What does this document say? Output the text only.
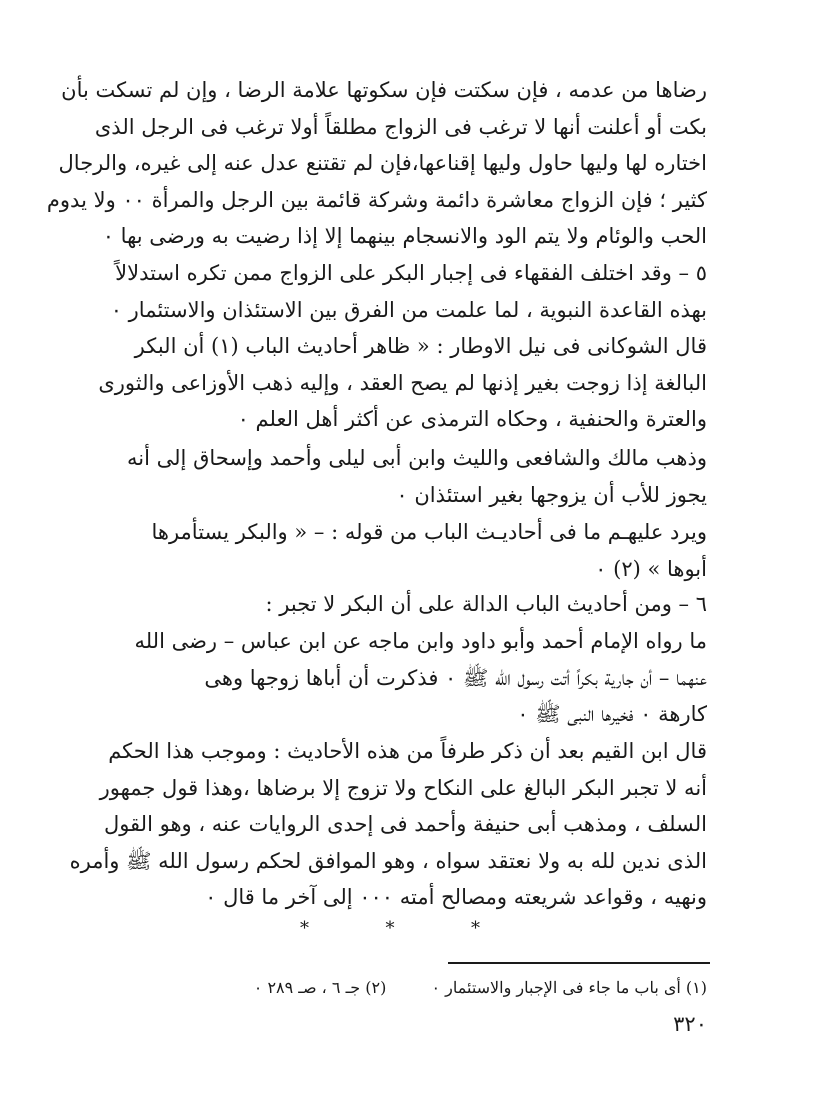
رضاها من عدمه ، فإن سكتت فإن سكوتها علامة الرضا ، وإن لم تسكت بأن
بكت أو أعلنت أنها لا ترغب فى الزواج مطلقاً أولا ترغب فى الرجل الذى
اختاره لها وليها حاول وليها إقناعها،فإن لم تقتنع عدل عنه إلى غيره، والرجال
كثير ؛ فإن الزواج معاشرة دائمة وشركة قائمة بين الرجل والمرأة ٠٠ ولا يدوم
الحب والوئام ولا يتم الود والانسجام بينهما إلا إذا رضيت به ورضى بها ٠
٥ – وقد اختلف الفقهاء فى إجبار البكر على الزواج ممن تكره استدلالاً
بهذه القاعدة النبوية ، لما علمت من الفرق بين الاستئذان والاستئمار ٠
قال الشوكانى فى نيل الاوطار : « ظاهر أحاديث الباب (١) أن البكر
البالغة إذا زوجت بغير إذنها لم يصح العقد ، وإليه ذهب الأوزاعى والثورى
والعترة والحنفية ، وحكاه الترمذى عن أكثر أهل العلم ٠
وذهب مالك والشافعى والليث وابن أبى ليلى وأحمد وإسحاق إلى أنه
يجوز للأب أن يزوجها بغير استئذان ٠
ويرد عليهـم ما فى أحاديـث الباب من قوله : – « والبكر يستأمرها
أبوها » (٢) ٠
٦ – ومن أحاديث الباب الدالة على أن البكر لا تجبر :
ما رواه الإمام أحمد وأبو داود وابن ماجه عن ابن عباس – رضى الله
عنهما – أن جارية بكراً أتت رسول الله ﷺ ٠ فذكرت أن أباها زوجها وهى
كارهة ٠ فخيرها النبى ﷺ ٠
قال ابن القيم بعد أن ذكر طرفاً من هذه الأحاديث : وموجب هذا الحكم
أنه لا تجبر البكر البالغ على النكاح ولا تزوج إلا برضاها ،وهذا قول جمهور
السلف ، ومذهب أبى حنيفة وأحمد فى إحدى الروايات عنه ، وهو القول
الذى ندين لله به ولا نعتقد سواه ، وهو الموافق لحكم رسول الله ﷺ وأمره
ونهيه ، وقواعد شريعته ومصالح أمته ٠٠٠ إلى آخر ما قال ٠
*	*	*
(١) أى باب ما جاء فى الإجبار والاستئمار ٠ (٢) جـ ٦ ، صـ ٢٨٩ ٠
٣٢٠
